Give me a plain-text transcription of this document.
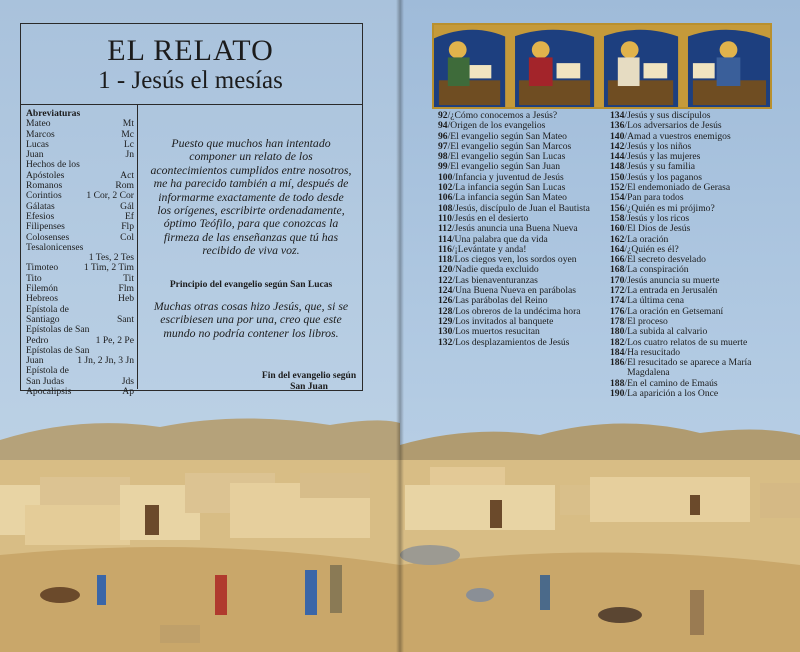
EL RELATO
1 - Jesús el mesías
Abreviaturas
Mateo	Mt
Marcos	Mc
Lucas	Lc
Juan	Jn
Hechos de los
Apóstoles	Act
Romanos	Rom
Corintios	1 Cor, 2 Cor
Gálatas	Gál
Efesios	Ef
Filipenses	Flp
Colosenses	Col
Tesalonicenses
1 Tes, 2 Tes
Timoteo	1 Tim, 2 Tim
Tito	Tit
Filemón	Flm
Hebreos	Heb
Epístola de
Santiago	Sant
Epístolas de San
Pedro	1 Pe, 2 Pe
Epístolas de San
Juan	1 Jn, 2 Jn, 3 Jn
Epístola de
San Judas	Jds
Apocalipsis	Ap
Puesto que muchos han intentado componer un relato de los acontecimientos cumplidos entre nosotros, me ha parecido también a mí, después de informarme exactamente de todo desde los orígenes, escribirte ordenadamente, óptimo Teófilo, para que conozcas la firmeza de las enseñanzas que tú has recibido de viva voz.
Principio del evangelio según San Lucas
Muchas otras cosas hizo Jesús, que, si se escribiesen una por una, creo que este mundo no podría contener los libros.
Fin del evangelio según San Juan
92 / ¿Cómo conocemos a Jesús?
94 / Origen de los evangelios
96 / El evangelio según San Mateo
97 / El evangelio según San Marcos
98 / El evangelio según San Lucas
99 / El evangelio según San Juan
100 / Infancia y juventud de Jesús
102 / La infancia según San Lucas
106 / La infancia según San Mateo
108 / Jesús, discípulo de Juan el Bautista
110 / Jesús en el desierto
112 / Jesús anuncia una Buena Nueva
114 / Una palabra que da vida
116 / ¡Levántate y anda!
118 / Los ciegos ven, los sordos oyen
120 / Nadie queda excluido
122 / Las bienaventuranzas
124 / Una Buena Nueva en parábolas
126 / Las parábolas del Reino
128 / Los obreros de la undécima hora
129 / Los invitados al banquete
130 / Los muertos resucitan
132 / Los desplazamientos de Jesús
134 / Jesús y sus discípulos
136 / Los adversarios de Jesús
140 / Amad a vuestros enemigos
142 / Jesús y los niños
144 / Jesús y las mujeres
148 / Jesús y su familia
150 / Jesús y los paganos
152 / El endemoniado de Gerasa
154 / Pan para todos
156 / ¿Quién es mi prójimo?
158 / Jesús y los ricos
160 / El Dios de Jesús
162 / La oración
164 / ¿Quién es él?
166 / El secreto desvelado
168 / La conspiración
170 / Jesús anuncia su muerte
172 / La entrada en Jerusalén
174 / La última cena
176 / La oración en Getsemaní
178 / El proceso
180 / La subida al calvario
182 / Los cuatro relatos de su muerte
184 / Ha resucitado
186 / El resucitado se aparece a María Magdalena
188 / En el camino de Emaús
190 / La aparición a los Once
